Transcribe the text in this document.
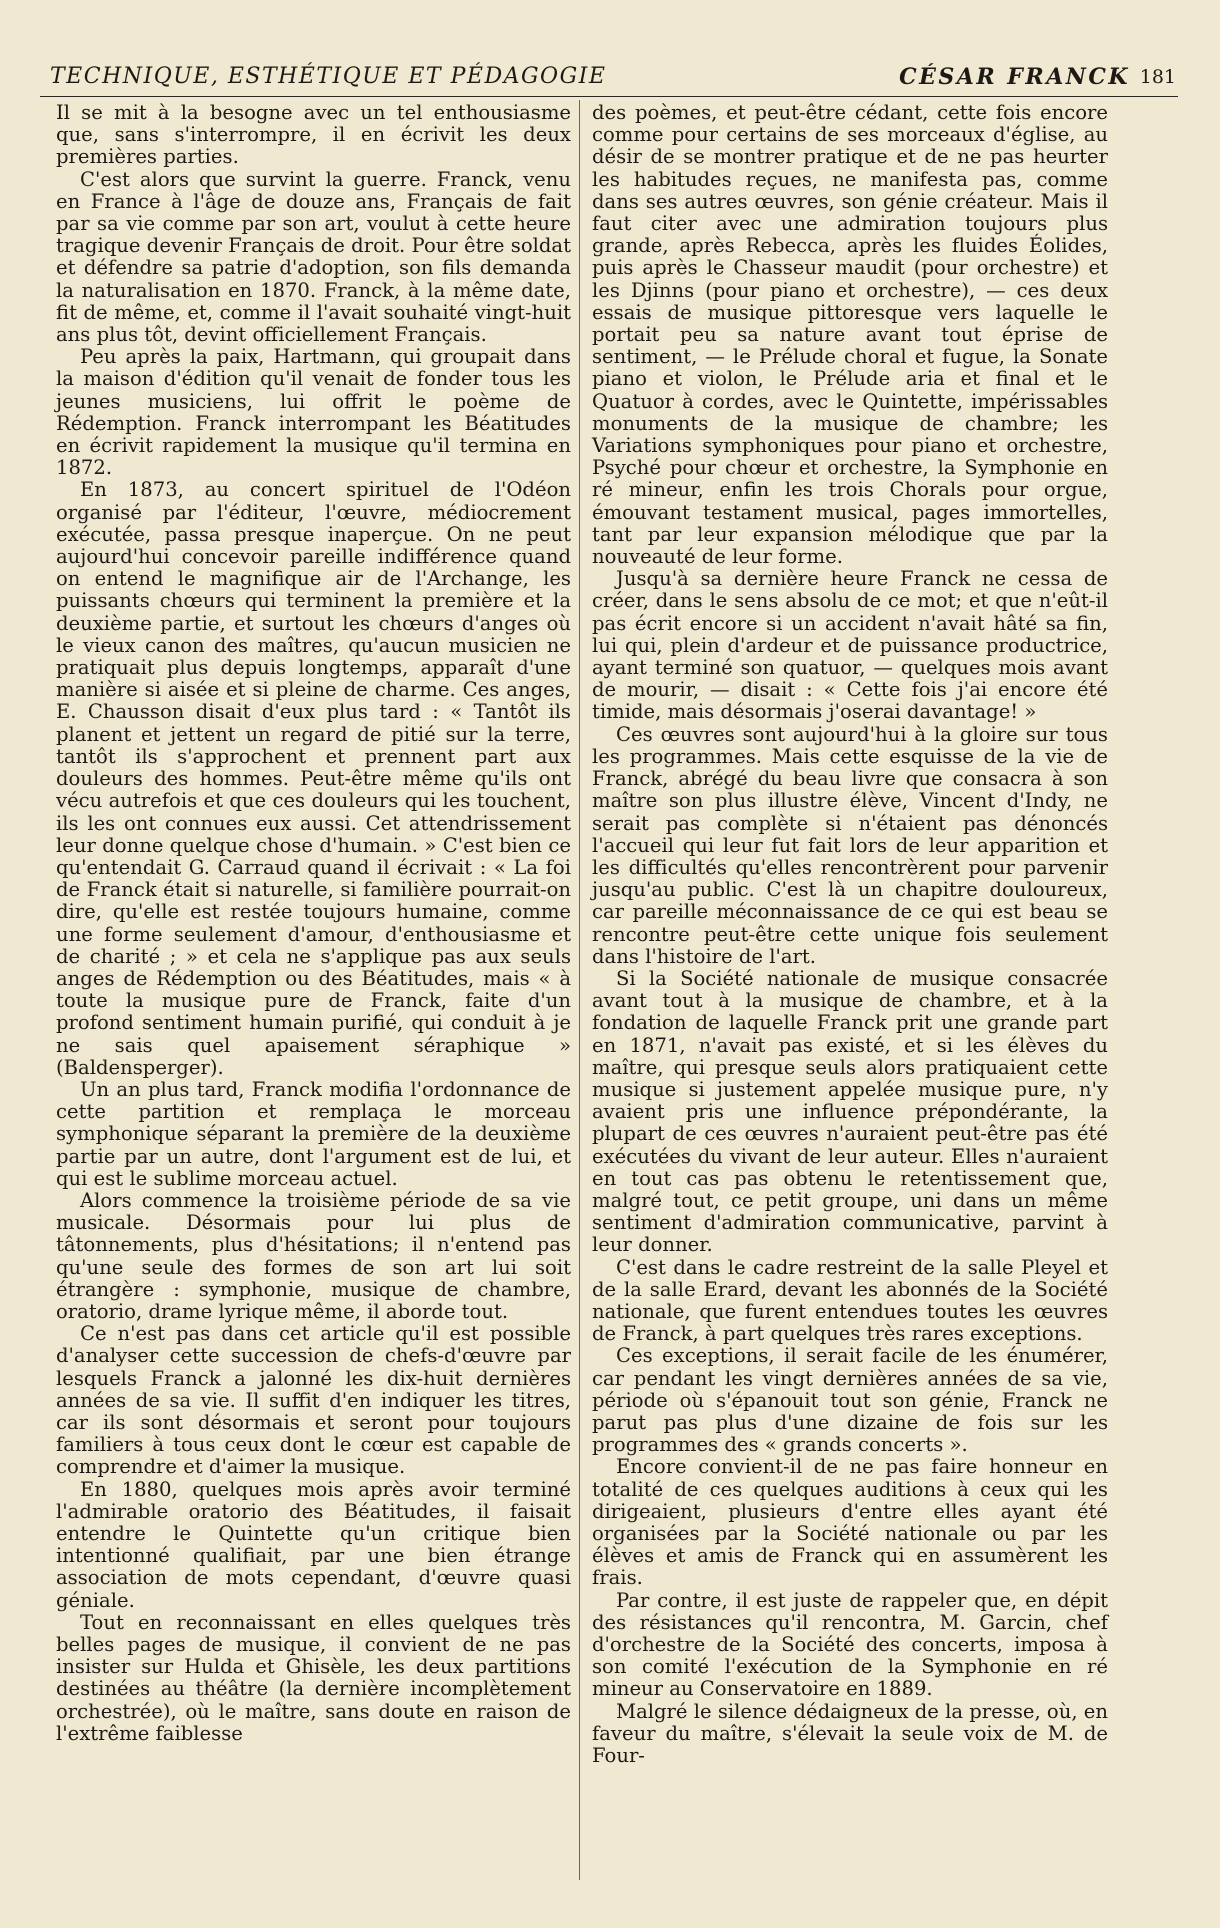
TECHNIQUE, ESTHÉTIQUE ET PÉDAGOGIE	CÉSAR FRANCK 181

Il se mit à la besogne avec un tel enthousiasme que, sans s'interrompre, il en écrivit les deux premières parties.

C'est alors que survint la guerre. Franck, venu en France à l'âge de douze ans, Français de fait par sa vie comme par son art, voulut à cette heure tragique devenir Français de droit. Pour être soldat et défendre sa patrie d'adoption, son fils demanda la naturalisation en 1870. Franck, à la même date, fit de même, et, comme il l'avait souhaité vingt-huit ans plus tôt, devint officiellement Français.

Peu après la paix, Hartmann, qui groupait dans la maison d'édition qu'il venait de fonder tous les jeunes musiciens, lui offrit le poème de Rédemption. Franck interrompant les Béatitudes en écrivit rapidement la musique qu'il termina en 1872.

En 1873, au concert spirituel de l'Odéon organisé par l'éditeur, l'œuvre, médiocrement exécutée, passa presque inaperçue. On ne peut aujourd'hui concevoir pareille indifférence quand on entend le magnifique air de l'Archange, les puissants chœurs qui terminent la première et la deuxième partie, et surtout les chœurs d'anges où le vieux canon des maîtres, qu'aucun musicien ne pratiquait plus depuis longtemps, apparaît d'une manière si aisée et si pleine de charme. Ces anges, E. Chausson disait d'eux plus tard : « Tantôt ils planent et jettent un regard de pitié sur la terre, tantôt ils s'approchent et prennent part aux douleurs des hommes. Peut-être même qu'ils ont vécu autrefois et que ces douleurs qui les touchent, ils les ont connues eux aussi. Cet attendrissement leur donne quelque chose d'humain. » C'est bien ce qu'entendait G. Carraud quand il écrivait : « La foi de Franck était si naturelle, si familière pourrait-on dire, qu'elle est restée toujours humaine, comme une forme seulement d'amour, d'enthousiasme et de charité ; » et cela ne s'applique pas aux seuls anges de Rédemption ou des Béatitudes, mais « à toute la musique pure de Franck, faite d'un profond sentiment humain purifié, qui conduit à je ne sais quel apaisement séraphique » (Baldensperger).

Un an plus tard, Franck modifia l'ordonnance de cette partition et remplaça le morceau symphonique séparant la première de la deuxième partie par un autre, dont l'argument est de lui, et qui est le sublime morceau actuel.

Alors commence la troisième période de sa vie musicale. Désormais pour lui plus de tâtonnements, plus d'hésitations; il n'entend pas qu'une seule des formes de son art lui soit étrangère : symphonie, musique de chambre, oratorio, drame lyrique même, il aborde tout.

Ce n'est pas dans cet article qu'il est possible d'analyser cette succession de chefs-d'œuvre par lesquels Franck a jalonné les dix-huit dernières années de sa vie. Il suffit d'en indiquer les titres, car ils sont désormais et seront pour toujours familiers à tous ceux dont le cœur est capable de comprendre et d'aimer la musique.

En 1880, quelques mois après avoir terminé l'admirable oratorio des Béatitudes, il faisait entendre le Quintette qu'un critique bien intentionné qualifiait, par une bien étrange association de mots cependant, d'œuvre quasi géniale.

Tout en reconnaissant en elles quelques très belles pages de musique, il convient de ne pas insister sur Hulda et Ghisèle, les deux partitions destinées au théâtre (la dernière incomplètement orchestrée), où le maître, sans doute en raison de l'extrême faiblesse

des poèmes, et peut-être cédant, cette fois encore comme pour certains de ses morceaux d'église, au désir de se montrer pratique et de ne pas heurter les habitudes reçues, ne manifesta pas, comme dans ses autres œuvres, son génie créateur. Mais il faut citer avec une admiration toujours plus grande, après Rebecca, après les fluides Éolides, puis après le Chasseur maudit (pour orchestre) et les Djinns (pour piano et orchestre), — ces deux essais de musique pittoresque vers laquelle le portait peu sa nature avant tout éprise de sentiment, — le Prélude choral et fugue, la Sonate piano et violon, le Prélude aria et final et le Quatuor à cordes, avec le Quintette, impérissables monuments de la musique de chambre; les Variations symphoniques pour piano et orchestre, Psyché pour chœur et orchestre, la Symphonie en ré mineur, enfin les trois Chorals pour orgue, émouvant testament musical, pages immortelles, tant par leur expansion mélodique que par la nouveauté de leur forme.

Jusqu'à sa dernière heure Franck ne cessa de créer, dans le sens absolu de ce mot; et que n'eût-il pas écrit encore si un accident n'avait hâté sa fin, lui qui, plein d'ardeur et de puissance productrice, ayant terminé son quatuor, — quelques mois avant de mourir, — disait : « Cette fois j'ai encore été timide, mais désormais j'oserai davantage! »

Ces œuvres sont aujourd'hui à la gloire sur tous les programmes. Mais cette esquisse de la vie de Franck, abrégé du beau livre que consacra à son maître son plus illustre élève, Vincent d'Indy, ne serait pas complète si n'étaient pas dénoncés l'accueil qui leur fut fait lors de leur apparition et les difficultés qu'elles rencontrèrent pour parvenir jusqu'au public. C'est là un chapitre douloureux, car pareille méconnaissance de ce qui est beau se rencontre peut-être cette unique fois seulement dans l'histoire de l'art.

Si la Société nationale de musique consacrée avant tout à la musique de chambre, et à la fondation de laquelle Franck prit une grande part en 1871, n'avait pas existé, et si les élèves du maître, qui presque seuls alors pratiquaient cette musique si justement appelée musique pure, n'y avaient pris une influence prépondérante, la plupart de ces œuvres n'auraient peut-être pas été exécutées du vivant de leur auteur. Elles n'auraient en tout cas pas obtenu le retentissement que, malgré tout, ce petit groupe, uni dans un même sentiment d'admiration communicative, parvint à leur donner.

C'est dans le cadre restreint de la salle Pleyel et de la salle Erard, devant les abonnés de la Société nationale, que furent entendues toutes les œuvres de Franck, à part quelques très rares exceptions.

Ces exceptions, il serait facile de les énumérer, car pendant les vingt dernières années de sa vie, période où s'épanouit tout son génie, Franck ne parut pas plus d'une dizaine de fois sur les programmes des « grands concerts ».

Encore convient-il de ne pas faire honneur en totalité de ces quelques auditions à ceux qui les dirigeaient, plusieurs d'entre elles ayant été organisées par la Société nationale ou par les élèves et amis de Franck qui en assumèrent les frais.

Par contre, il est juste de rappeler que, en dépit des résistances qu'il rencontra, M. Garcin, chef d'orchestre de la Société des concerts, imposa à son comité l'exécution de la Symphonie en ré mineur au Conservatoire en 1889.

Malgré le silence dédaigneux de la presse, où, en faveur du maître, s'élevait la seule voix de M. de Four-
